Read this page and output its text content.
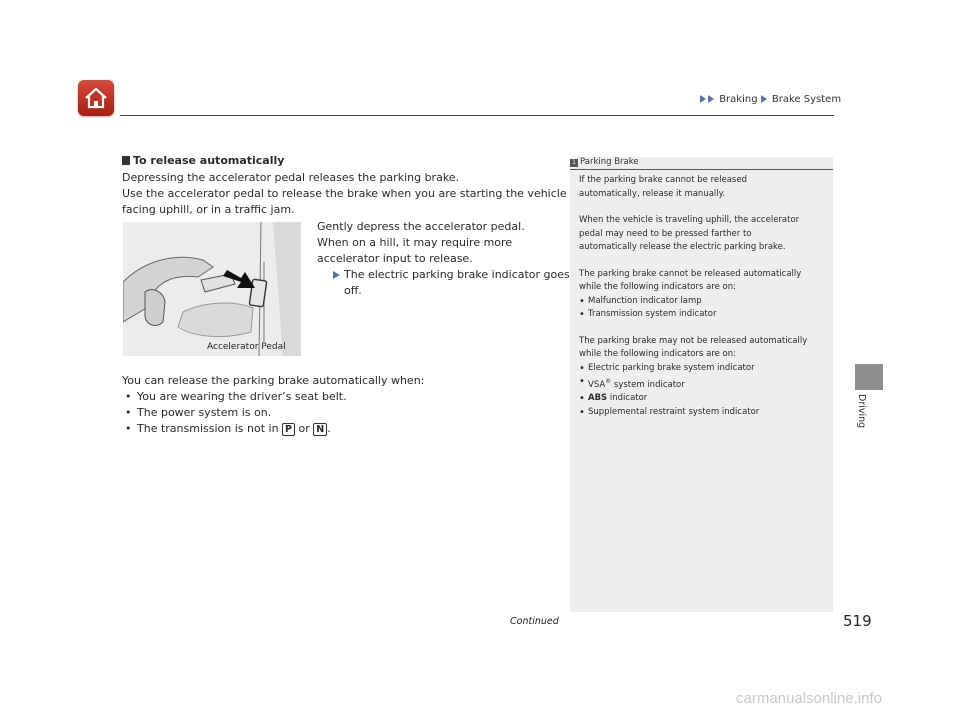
Braking Brake System
Driving
To release automatically
Depressing the accelerator pedal releases the parking brake.
Use the accelerator pedal to release the brake when you are starting the vehicle
facing uphill, or in a traffic jam.
Accelerator Pedal
Gently depress the accelerator pedal.
When on a hill, it may require more
accelerator input to release.
The electric parking brake indicator goes
off.
You can release the parking brake automatically when:
• You are wearing the driver’s seat belt.
• The power system is on.
• The transmission is not in P or N .
1 Parking Brake
If the parking brake cannot be released
automatically, release it manually.
When the vehicle is traveling uphill, the accelerator
pedal may need to be pressed farther to
automatically release the electric parking brake.
The parking brake cannot be released automatically
while the following indicators are on:
• Malfunction indicator lamp
• Transmission system indicator
The parking brake may not be released automatically
while the following indicators are on:
• Electric parking brake system indicator
• VSA® system indicator
• ABS indicator
• Supplemental restraint system indicator
Continued	519
carmanualsonline.info
